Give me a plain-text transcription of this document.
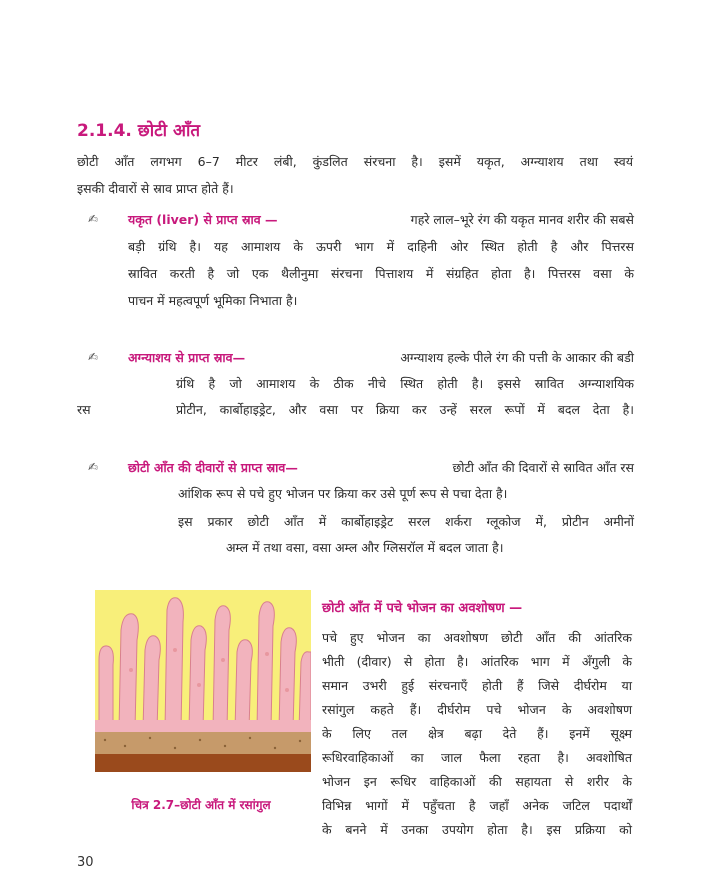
2.1.4. छोटी आँत
छोटी आँत लगभग 6–7 मीटर लंबी, कुंडलित संरचना है। इसमें यकृत, अग्न्याशय तथा स्वयं
इसकी दीवारों से स्राव प्राप्त होते हैं।
✍ यकृत (liver) से प्राप्त स्राव —	गहरे लाल–भूरे रंग की यकृत मानव शरीर की सबसे
बड़ी ग्रंथि है। यह आमाशय के ऊपरी भाग में दाहिनी ओर स्थित होती है और पित्तरस
स्रावित करती है जो एक थैलीनुमा संरचना पित्ताशय में संग्रहित होता है। पित्तरस वसा के
पाचन में महत्वपूर्ण भूमिका निभाता है।
✍ अग्न्याशय से प्राप्त स्राव—	अग्न्याशय हल्के पीले रंग की पत्ती के आकार की बडी
ग्रंथि है जो आमाशय के ठीक नीचे स्थित होती है। इससे स्रावित अग्न्याशयिक
रस	प्रोटीन, कार्बोहाइड्रेट, और वसा पर क्रिया कर उन्हें सरल रूपों में बदल देता है।
✍ छोटी आँत की दीवारों से प्राप्त स्राव—	छोटी आँत की दिवारों से स्रावित आँत रस
आंशिक रूप से पचे हुए भोजन पर क्रिया कर उसे पूर्ण रूप से पचा देता है।
इस प्रकार छोटी आँत में कार्बोहाइड्रेट सरल शर्करा ग्लूकोज में, प्रोटीन अमीनों
अम्ल में तथा वसा, वसा अम्ल और ग्लिसरॉल में बदल जाता है।
चित्र 2.7–छोटी आँत में रसांगुल
छोटी आँत में पचे भोजन का अवशोषण —
पचे हुए भोजन का अवशोषण छोटी आँत की आंतरिक
भीती (दीवार) से होता है। आंतरिक भाग में अँगुली के
समान उभरी हुई संरचनाएँ होती हैं जिसे दीर्घरोम या
रसांगुल कहते हैं। दीर्घरोम पचे भोजन के अवशोषण
के लिए तल क्षेत्र बढ़ा देते हैं। इनमें सूक्ष्म
रूधिरवाहिकाओं का जाल फैला रहता है। अवशोषित
भोजन इन रूधिर वाहिकाओं की सहायता से शरीर के
विभिन्न भागों में पहुँचता है जहाँ अनेक जटिल पदार्थों
के बनने में उनका उपयोग होता है। इस प्रक्रिया को
30
